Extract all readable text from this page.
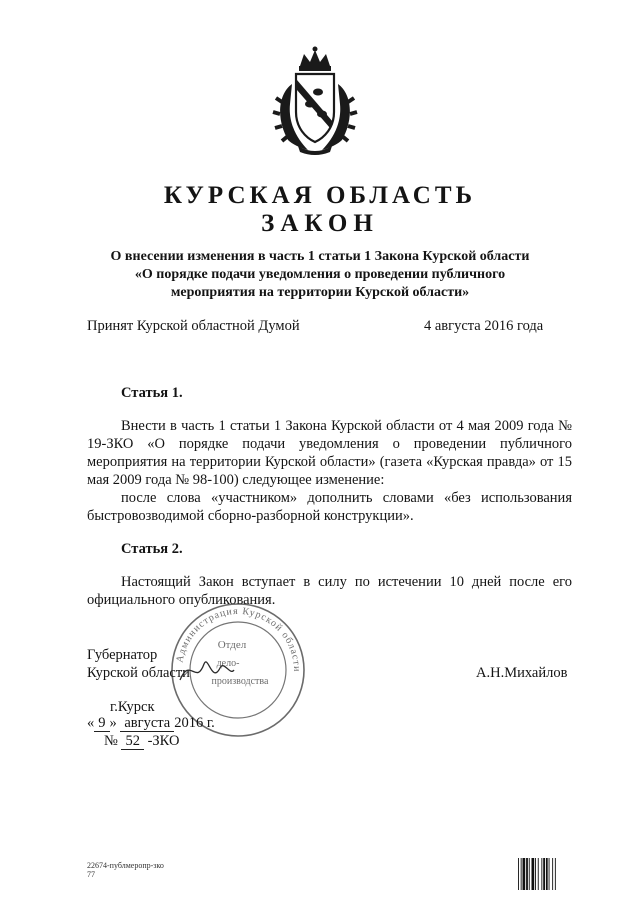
КУРСКАЯ ОБЛАСТЬ
ЗАКОН
О внесении изменения в часть 1 статьи 1 Закона Курской области
«О порядке подачи уведомления о проведении публичного
мероприятия на территории Курской области»
Принят Курской областной Думой	4 августа 2016 года
Статья 1.

Внести в часть 1 статьи 1 Закона Курской области от 4 мая 2009 года № 19-ЗКО «О порядке подачи уведомления о проведении публичного мероприятия на территории Курской области» (газета «Курская правда» от 15 мая 2009 года № 98-100) следующее изменение:

после слова «участником» дополнить словами «без использования быстровозводимой сборно-разборной конструкции».

Статья 2.

Настоящий Закон вступает в силу по истечении 10 дней после его официального опубликования.

Администрация Курской области
Отдел
дело-
производства
Губернатор
Курской области	А.Н.Михайлов
г.Курск
« 9 » августа 2016 г.
№ 52 -ЗКО
22674-публмеропр-зко
77
